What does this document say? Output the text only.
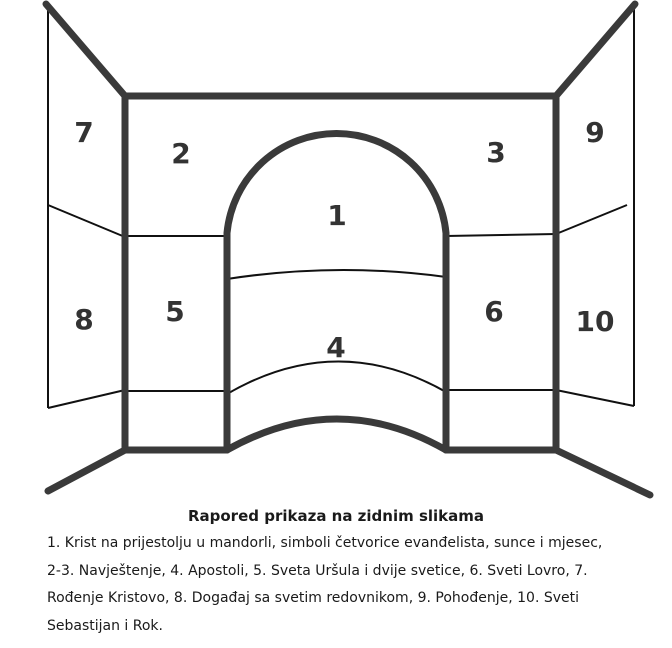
7
2	3
9
1
8	5	6	10
4
Rapored prikaza na zidnim slikama
1. Krist na prijestolju u mandorli, simboli četvorice evanđelista, sunce i mjesec,
2-3. Navještenje, 4. Apostoli, 5. Sveta Uršula i dvije svetice, 6. Sveti Lovro, 7.
Rođenje Kristovo, 8. Događaj sa svetim redovnikom, 9. Pohođenje, 10. Sveti
Sebastijan i Rok.
